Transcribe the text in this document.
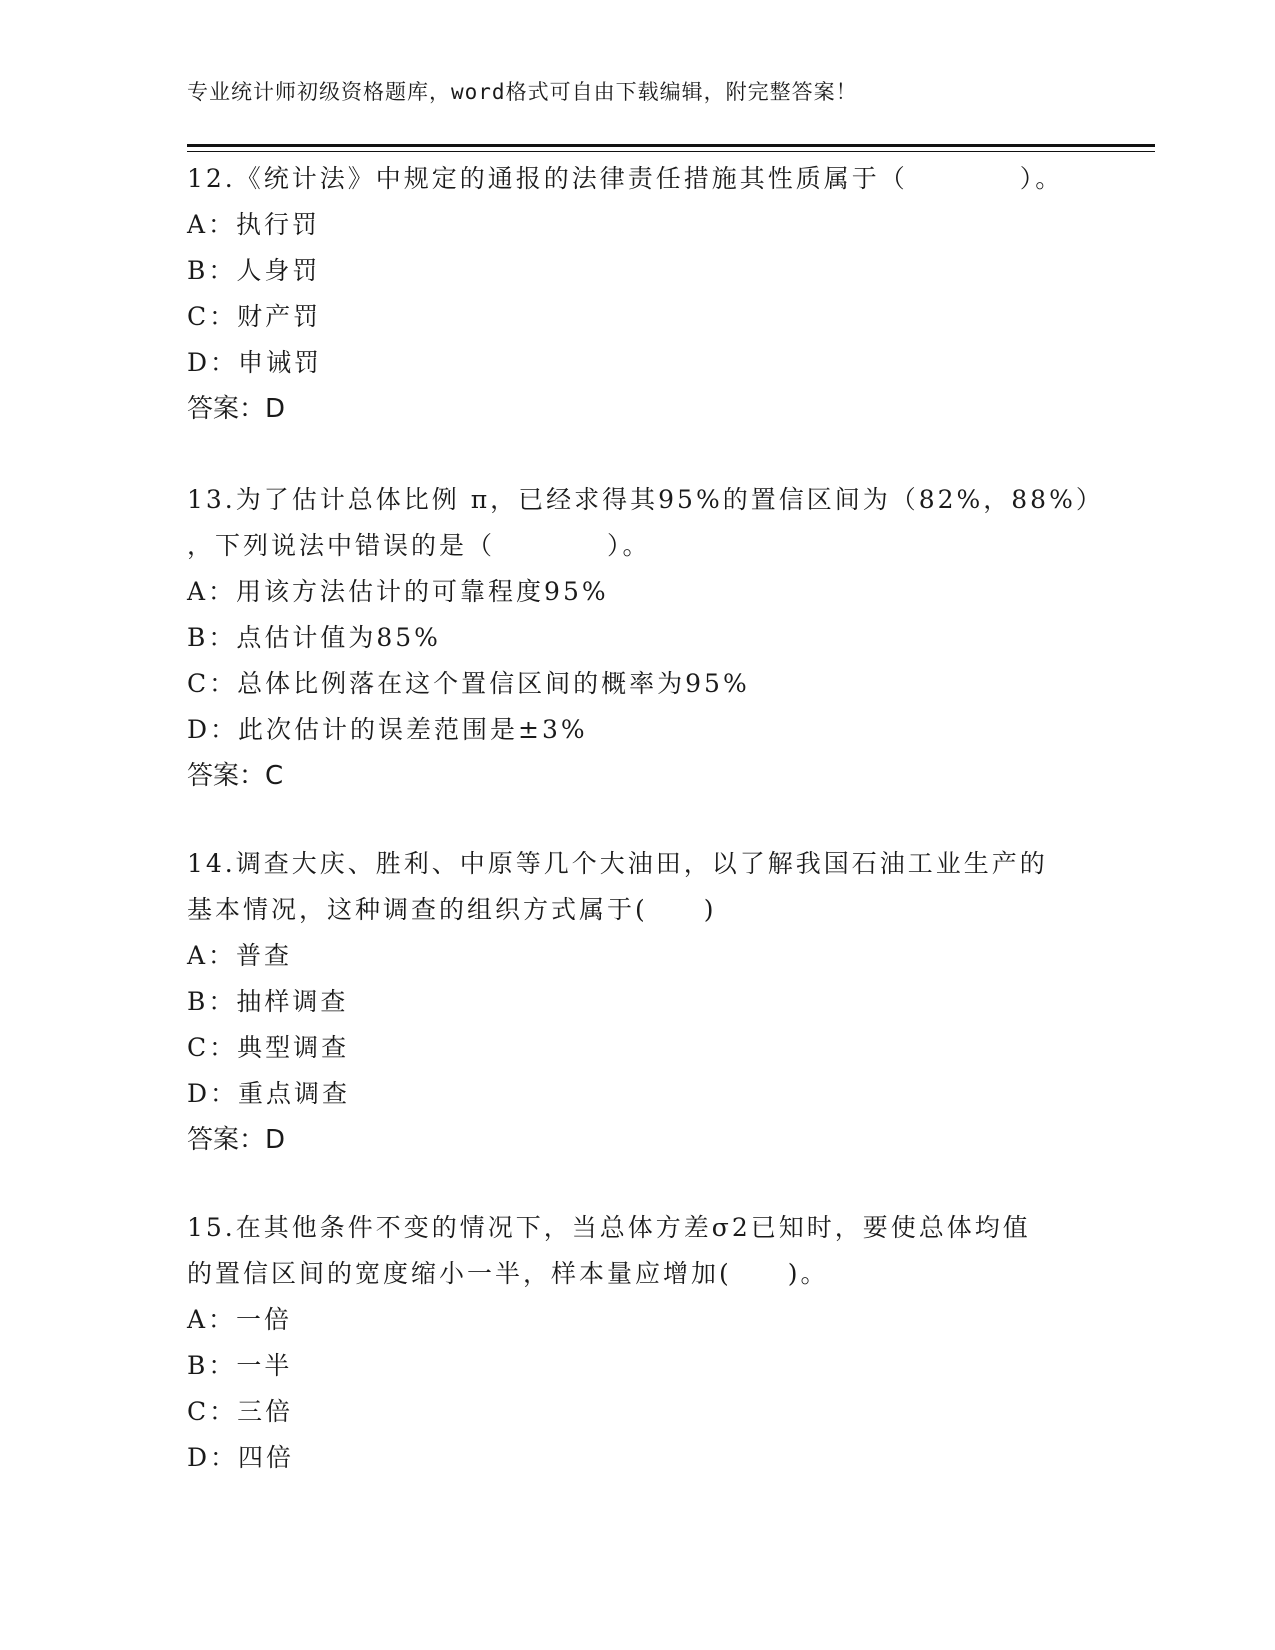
专业统计师初级资格题库，word格式可自由下载编辑，附完整答案！
12.《统计法》中规定的通报的法律责任措施其性质属于（　　　　）。
A：执行罚
B：人身罚
C：财产罚
D：申诫罚
答案：D
13.为了估计总体比例 π，已经求得其95%的置信区间为（82%，88%）
，下列说法中错误的是（　　　　）。
A：用该方法估计的可靠程度95%
B：点估计值为85%
C：总体比例落在这个置信区间的概率为95%
D：此次估计的误差范围是±3%
答案：C
14.调查大庆、胜利、中原等几个大油田，以了解我国石油工业生产的
基本情况，这种调查的组织方式属于(　　)
A：普查
B：抽样调查
C：典型调查
D：重点调查
答案：D
15.在其他条件不变的情况下，当总体方差σ2已知时，要使总体均值
的置信区间的宽度缩小一半，样本量应增加(　　)。
A：一倍
B：一半
C：三倍
D：四倍
